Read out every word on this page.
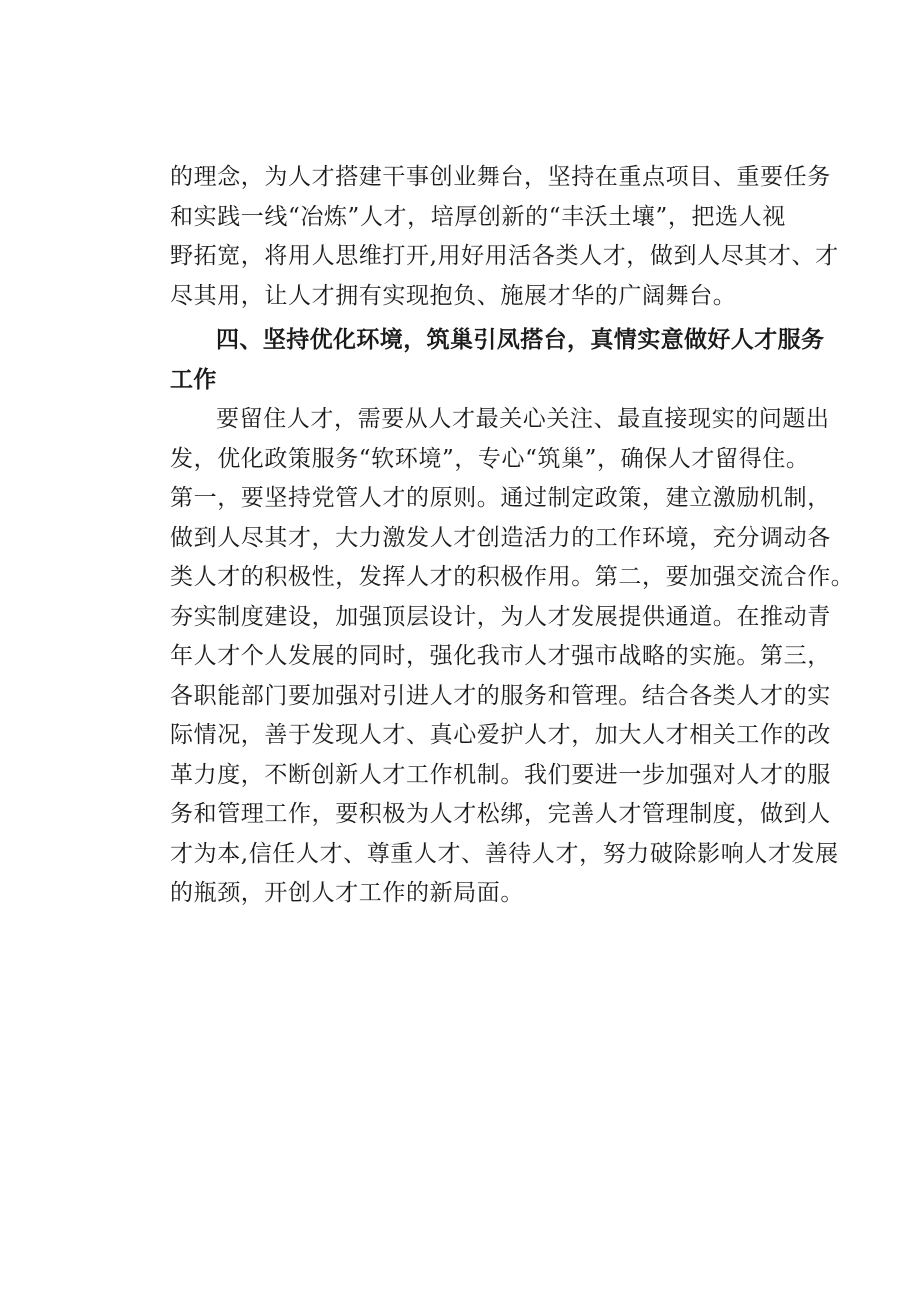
的理念，为人才搭建干事创业舞台，坚持在重点项目、重要任务
和实践一线“冶炼”人才，培厚创新的“丰沃土壤”，把选人视
野拓宽，将用人思维打开,用好用活各类人才，做到人尽其才、才
尽其用，让人才拥有实现抱负、施展才华的广阔舞台。
四、坚持优化环境，筑巢引凤搭台，真情实意做好人才服务
工作
要留住人才，需要从人才最关心关注、最直接现实的问题出
发，优化政策服务“软环境”，专心“筑巢”，确保人才留得住。
第一，要坚持党管人才的原则。通过制定政策，建立激励机制，
做到人尽其才，大力激发人才创造活力的工作环境，充分调动各
类人才的积极性，发挥人才的积极作用。第二，要加强交流合作。
夯实制度建设，加强顶层设计，为人才发展提供通道。在推动青
年人才个人发展的同时，强化我市人才强市战略的实施。第三，
各职能部门要加强对引进人才的服务和管理。结合各类人才的实
际情况，善于发现人才、真心爱护人才，加大人才相关工作的改
革力度，不断创新人才工作机制。我们要进一步加强对人才的服
务和管理工作，要积极为人才松绑，完善人才管理制度，做到人
才为本,信任人才、尊重人才、善待人才，努力破除影响人才发展
的瓶颈，开创人才工作的新局面。
